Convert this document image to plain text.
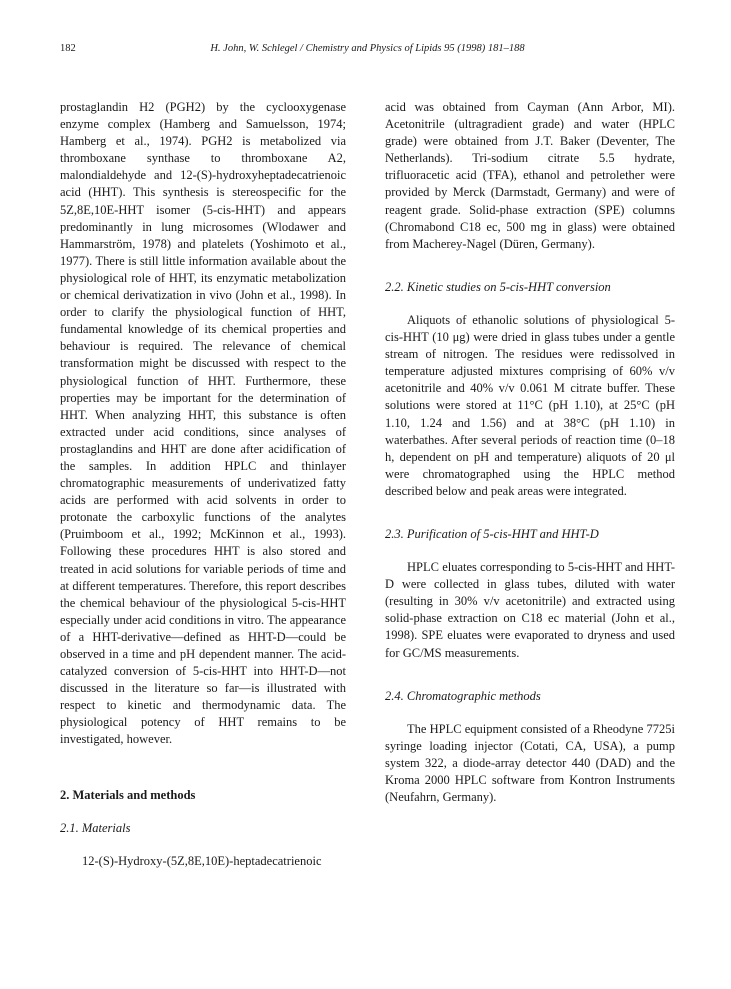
182	H. John, W. Schlegel / Chemistry and Physics of Lipids 95 (1998) 181–188

prostaglandin H2 (PGH2) by the cyclooxygenase enzyme complex (Hamberg and Samuelsson, 1974; Hamberg et al., 1974). PGH2 is metabolized via thromboxane synthase to thromboxane A2, malondialdehyde and 12-(S)-hydroxyheptadecatrienoic acid (HHT). This synthesis is stereospecific for the 5Z,8E,10E-HHT isomer (5-cis-HHT) and appears predominantly in lung microsomes (Wlodawer and Hammarström, 1978) and platelets (Yoshimoto et al., 1977). There is still little information available about the physiological role of HHT, its enzymatic metabolization or chemical derivatization in vivo (John et al., 1998). In order to clarify the physiological function of HHT, fundamental knowledge of its chemical properties and behaviour is required. The relevance of chemical transformation might be discussed with respect to the physiological function of HHT. Furthermore, these properties may be important for the determination of HHT. When analyzing HHT, this substance is often extracted under acid conditions, since analyses of prostaglandins and HHT are done after acidification of the samples. In addition HPLC and thinlayer chromatographic measurements of underivatized fatty acids are performed with acid solvents in order to protonate the carboxylic functions of the analytes (Pruimboom et al., 1992; McKinnon et al., 1993). Following these procedures HHT is also stored and treated in acid solutions for variable periods of time and at different temperatures. Therefore, this report describes the chemical behaviour of the physiological 5-cis-HHT especially under acid conditions in vitro. The appearance of a HHT-derivative—defined as HHT-D—could be observed in a time and pH dependent manner. The acid-catalyzed conversion of 5-cis-HHT into HHT-D—not discussed in the literature so far—is illustrated with respect to kinetic and thermodynamic data. The physiological potency of HHT remains to be investigated, however.

2. Materials and methods
2.1. Materials

12-(S)-Hydroxy-(5Z,8E,10E)-heptadecatrienoic

acid was obtained from Cayman (Ann Arbor, MI). Acetonitrile (ultragradient grade) and water (HPLC grade) were obtained from J.T. Baker (Deventer, The Netherlands). Tri-sodium citrate 5.5 hydrate, trifluoracetic acid (TFA), ethanol and petrolether were provided by Merck (Darmstadt, Germany) and were of reagent grade. Solid-phase extraction (SPE) columns (Chromabond C18 ec, 500 mg in glass) were obtained from Macherey-Nagel (Düren, Germany).

2.2. Kinetic studies on 5-cis-HHT conversion

Aliquots of ethanolic solutions of physiological 5-cis-HHT (10 μg) were dried in glass tubes under a gentle stream of nitrogen. The residues were redissolved in temperature adjusted mixtures comprising of 60% v/v acetonitrile and 40% v/v 0.061 M citrate buffer. These solutions were stored at 11°C (pH 1.10), at 25°C (pH 1.10, 1.24 and 1.56) and at 38°C (pH 1.10) in waterbathes. After several periods of reaction time (0–18 h, dependent on pH and temperature) aliquots of 20 μl were chromatographed using the HPLC method described below and peak areas were integrated.

2.3. Purification of 5-cis-HHT and HHT-D

HPLC eluates corresponding to 5-cis-HHT and HHT-D were collected in glass tubes, diluted with water (resulting in 30% v/v acetonitrile) and extracted using solid-phase extraction on C18 ec material (John et al., 1998). SPE eluates were evaporated to dryness and used for GC/MS measurements.

2.4. Chromatographic methods

The HPLC equipment consisted of a Rheodyne 7725i syringe loading injector (Cotati, CA, USA), a pump system 322, a diode-array detector 440 (DAD) and the Kroma 2000 HPLC software from Kontron Instruments (Neufahrn, Germany).
